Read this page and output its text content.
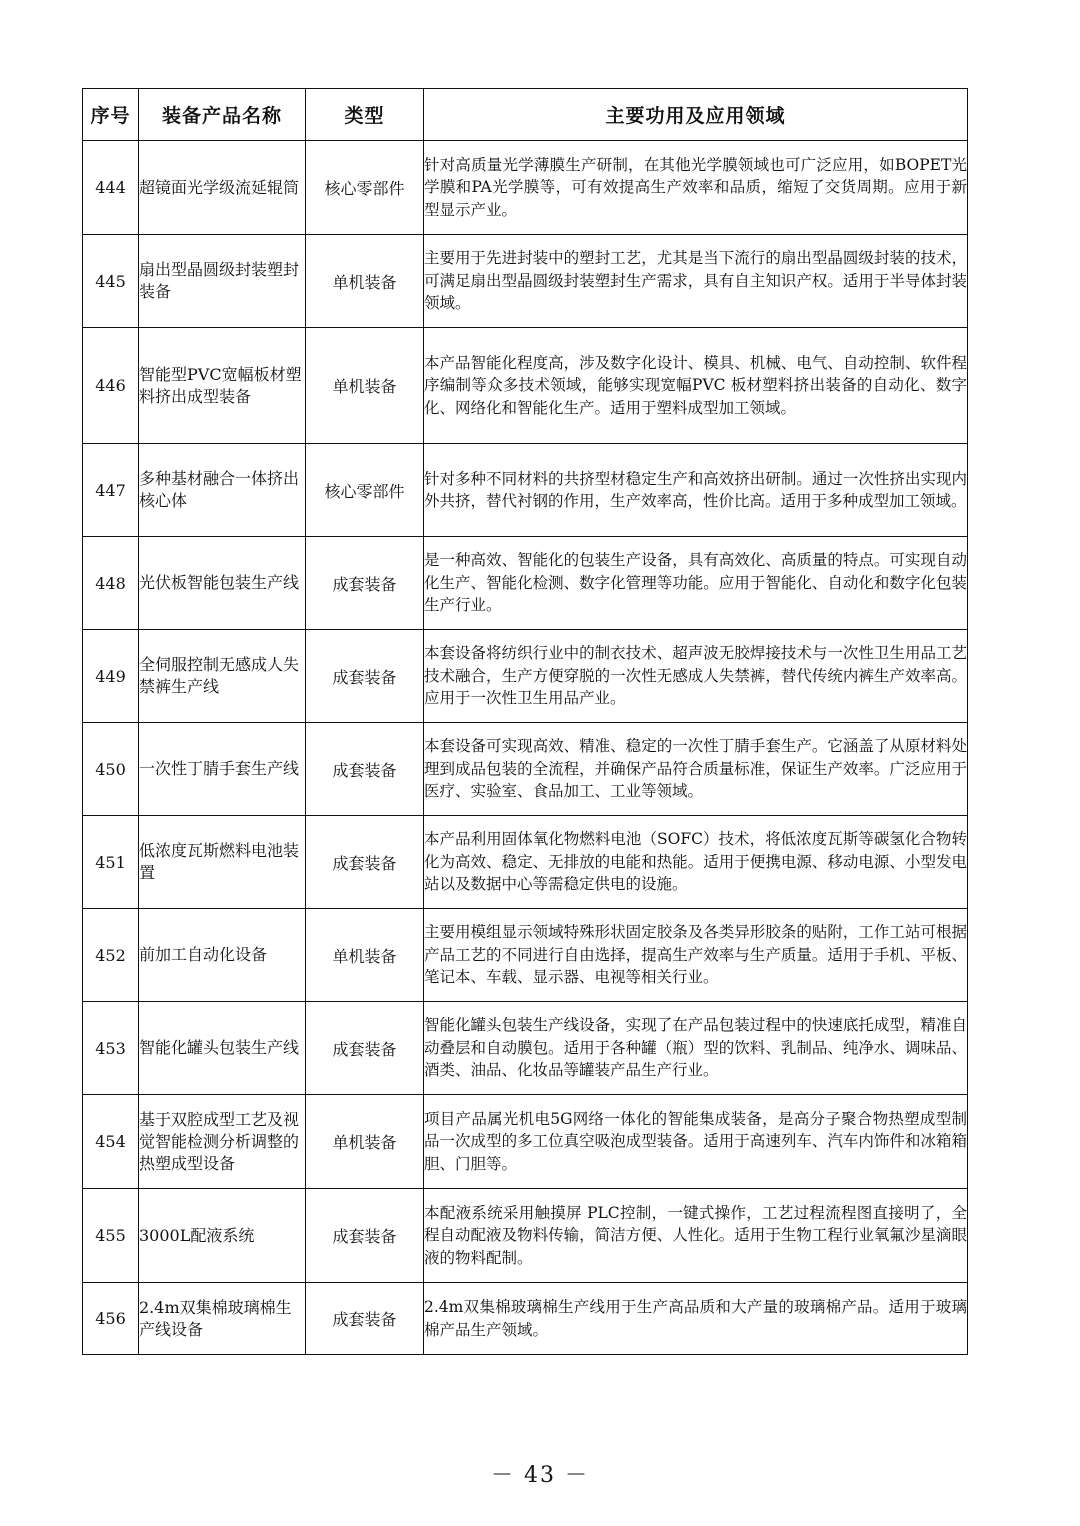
序号	装备产品名称	类型	主要功用及应用领域
444	超镜面光学级流延辊筒	核心零部件	针对高质量光学薄膜生产研制，在其他光学膜领域也可广泛应用，如BOPET光学膜和PA光学膜等，可有效提高生产效率和品质，缩短了交货周期。应用于新型显示产业。
445	扇出型晶圆级封装塑封装备	单机装备	主要用于先进封装中的塑封工艺，尤其是当下流行的扇出型晶圆级封装的技术，可满足扇出型晶圆级封装塑封生产需求，具有自主知识产权。适用于半导体封装领域。
446	智能型PVC宽幅板材塑料挤出成型装备	单机装备	本产品智能化程度高，涉及数字化设计、模具、机械、电气、自动控制、软件程序编制等众多技术领域，能够实现宽幅PVC 板材塑料挤出装备的自动化、数字化、网络化和智能化生产。适用于塑料成型加工领域。
447	多种基材融合一体挤出核心体	核心零部件	针对多种不同材料的共挤型材稳定生产和高效挤出研制。通过一次性挤出实现内外共挤，替代衬钢的作用，生产效率高，性价比高。适用于多种成型加工领域。
448	光伏板智能包装生产线	成套装备	是一种高效、智能化的包装生产设备，具有高效化、高质量的特点。可实现自动化生产、智能化检测、数字化管理等功能。应用于智能化、自动化和数字化包装生产行业。
449	全伺服控制无感成人失禁裤生产线	成套装备	本套设备将纺织行业中的制衣技术、超声波无胶焊接技术与一次性卫生用品工艺技术融合，生产方便穿脱的一次性无感成人失禁裤，替代传统内裤生产效率高。应用于一次性卫生用品产业。
450	一次性丁腈手套生产线	成套装备	本套设备可实现高效、精准、稳定的一次性丁腈手套生产。它涵盖了从原材料处理到成品包装的全流程，并确保产品符合质量标准，保证生产效率。广泛应用于医疗、实验室、食品加工、工业等领域。
451	低浓度瓦斯燃料电池装置	成套装备	本产品利用固体氧化物燃料电池（SOFC）技术，将低浓度瓦斯等碳氢化合物转化为高效、稳定、无排放的电能和热能。适用于便携电源、移动电源、小型发电站以及数据中心等需稳定供电的设施。
452	前加工自动化设备	单机装备	主要用模组显示领域特殊形状固定胶条及各类异形胶条的贴附，工作工站可根据产品工艺的不同进行自由选择，提高生产效率与生产质量。适用于手机、平板、笔记本、车载、显示器、电视等相关行业。
453	智能化罐头包装生产线	成套装备	智能化罐头包装生产线设备，实现了在产品包装过程中的快速底托成型，精准自动叠层和自动膜包。适用于各种罐（瓶）型的饮料、乳制品、纯净水、调味品、酒类、油品、化妆品等罐装产品生产行业。
454	基于双腔成型工艺及视觉智能检测分析调整的热塑成型设备	单机装备	项目产品属光机电5G网络一体化的智能集成装备，是高分子聚合物热塑成型制品一次成型的多工位真空吸泡成型装备。适用于高速列车、汽车内饰件和冰箱箱胆、门胆等。
455	3000L配液系统	成套装备	本配液系统采用触摸屏 PLC控制，一键式操作，工艺过程流程图直接明了，全程自动配液及物料传输，简洁方便、人性化。适用于生物工程行业氧氟沙星滴眼液的物料配制。
456	2.4m双集棉玻璃棉生产线设备	成套装备	2.4m双集棉玻璃棉生产线用于生产高品质和大产量的玻璃棉产品。适用于玻璃棉产品生产领域。
－ 43 －
